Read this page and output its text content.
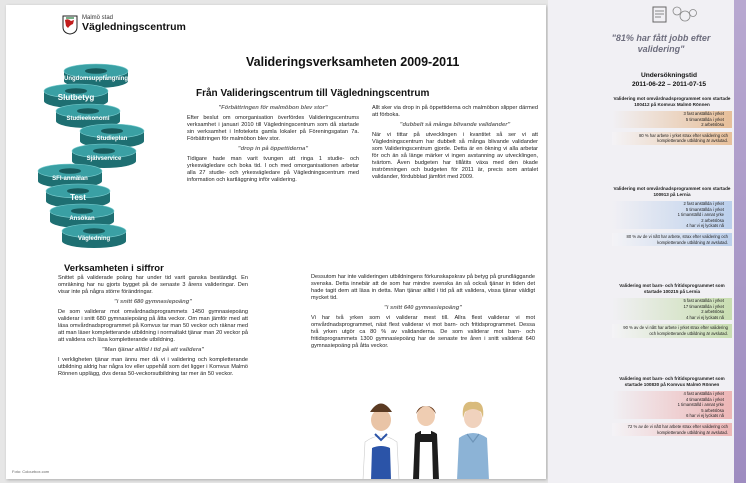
Malmö stad
Vägledningscentrum
Ungdomsuppfångning
Slutbetyg
Studieekonomi
Studieplan
Självservice
SFI-anmälan
Test
Ansökan
Vägledning
Valideringsverksamheten 2009-2011
Från Valideringscentrum till Vägledningscentrum
"Förbättringen för malmöbon blev stor"

Efter beslut om omorganisation överfördes Valideringscentrums verksamhet i januari 2010 till Vägledningscentrum som då startade sin verksamhet i Infotekets gamla lokaler på Föreningsgatan 7a. Förbättringen för malmöbon blev stor.

"drop in på öppettiderna"

Tidigare hade man varit tvungen att ringa 1 studie- och yrkesvägledare och boka tid. I och med omorganisationen arbetar alla 27 studie- och yrkesvägledare på Vägledningscentrum med information och kartläggning inför validering.

Allt sker via drop in på öppettiderna och malmöbon slipper därmed att förboka.

"dubbelt så många blivande validander"

När vi tittar på utvecklingen i kvantitet så ser vi att Vägledningscentrum har dubbelt så många blivande validander som Valideringscentrum gjorde. Detta är en ökning vi alla arbetar för och än så länge märker vi ingen avstanning av utvecklingen, tvärtom. Även budgeten har tillåtits växa med den ökade inströmningen och budgeten för 2011 är, precis som antalet validander, fördubblad jämfört med 2009.

Verksamheten i siffror

Snittet på validerade poäng har under tid varit ganska beständigt. En omräkning har nu gjorts bygget på de senaste 3 årens valideringar. Den visar inte på några större förändringar.

"i snitt 680 gymnasiepoäng"

De som validerar mot omvårdnadsprogrammets 1450 gymnasiepoäng validerar i snitt 680 gymnasiepoäng på åtta veckor. Om man jämför med att läsa omvårdnadsprogrammet på Komvux tar man 50 veckor och räknar med att man läser kompletterande utbildning i normaltakt tjänar man 20 veckor på att validera och läsa kompletterande utbildning.

"Man tjänar alltid i tid på att validera"

I verkligheten tjänar man ännu mer då vi i validering och kompletterande utbildning aldrig har några lov eller uppehåll som det ligger i Komvux Malmö Rönnen upplägg, dvs deras 50-veckorsutbildning tar mer än 50 veckor.

Dessutom har inte valideringen utbildningens förkunskapskrav på betyg på grundläggande svenska. Detta innebär att de som har mindre svenska än så också tjänar in tiden det hade tagit dem att läsa in detta. Man tjänar alltid i tid på att validera, vissa tjänar väldigt mycket tid.

"i snitt 640 gymnasiepoäng"

Vi har två yrken som vi validerar mest till. Allra flest validerar vi mot omvårdnadsprogrammet, näst flest validerar vi mot barn- och fritidsprogrammet. Dessa två yrken utgör ca 80 % av validanderna. De som validerar mot barn- och fritidsprogrammets 1300 gymnasiepoäng har de senaste tre åren i snitt validerat 640 gymnasiepoäng på åtta veckor.

Foto: Colourbox.com
"81% har fått jobb efter validering"
Undersökningstid
2011-06-22 – 2011-07-15
Validering mot omvårdnadsprogrammet som startade 100412 på Komvux Malmö Rönnen
3 fast anställda i yrket
5 timanställda i yrket
2 arbetslösa
80 % har arbete i yrket strax efter validering och kompletterande utbildning är avslutad.
Validering mot omvårdnadsprogrammet som startade 100913 på Lernia
2 fast anställda i yrket
5 timanställda i yrket
1 timanställd i annat yrke
2 arbetslösa
4 har vi ej lyckats nå
80 % av de vi nått har arbete, strax efter validering och kompletterande utbildning är avslutad.
Validering mot barn- och fritidsprogrammet som startade 100215 på Lernia
5 fast anställda i yrket
17 timanställda i yrket
2 arbetslösa
4 har vi ej lyckats nå
90 % av de vi nått har arbete i yrket strax efter validering och kompletterande utbildning är avslutad.
Validering mot barn- och fritidsprogrammet som startade 100830 på Komvux Malmö Rönnen
4 fast anställda i yrket
4 timanställda i yrket
1 timanställd i annat yrke
5 arbetslösa
6 har vi ej lyckats nå
72 % av de vi nått har arbete strax efter validering och kompletterande utbildning är avslutad.
